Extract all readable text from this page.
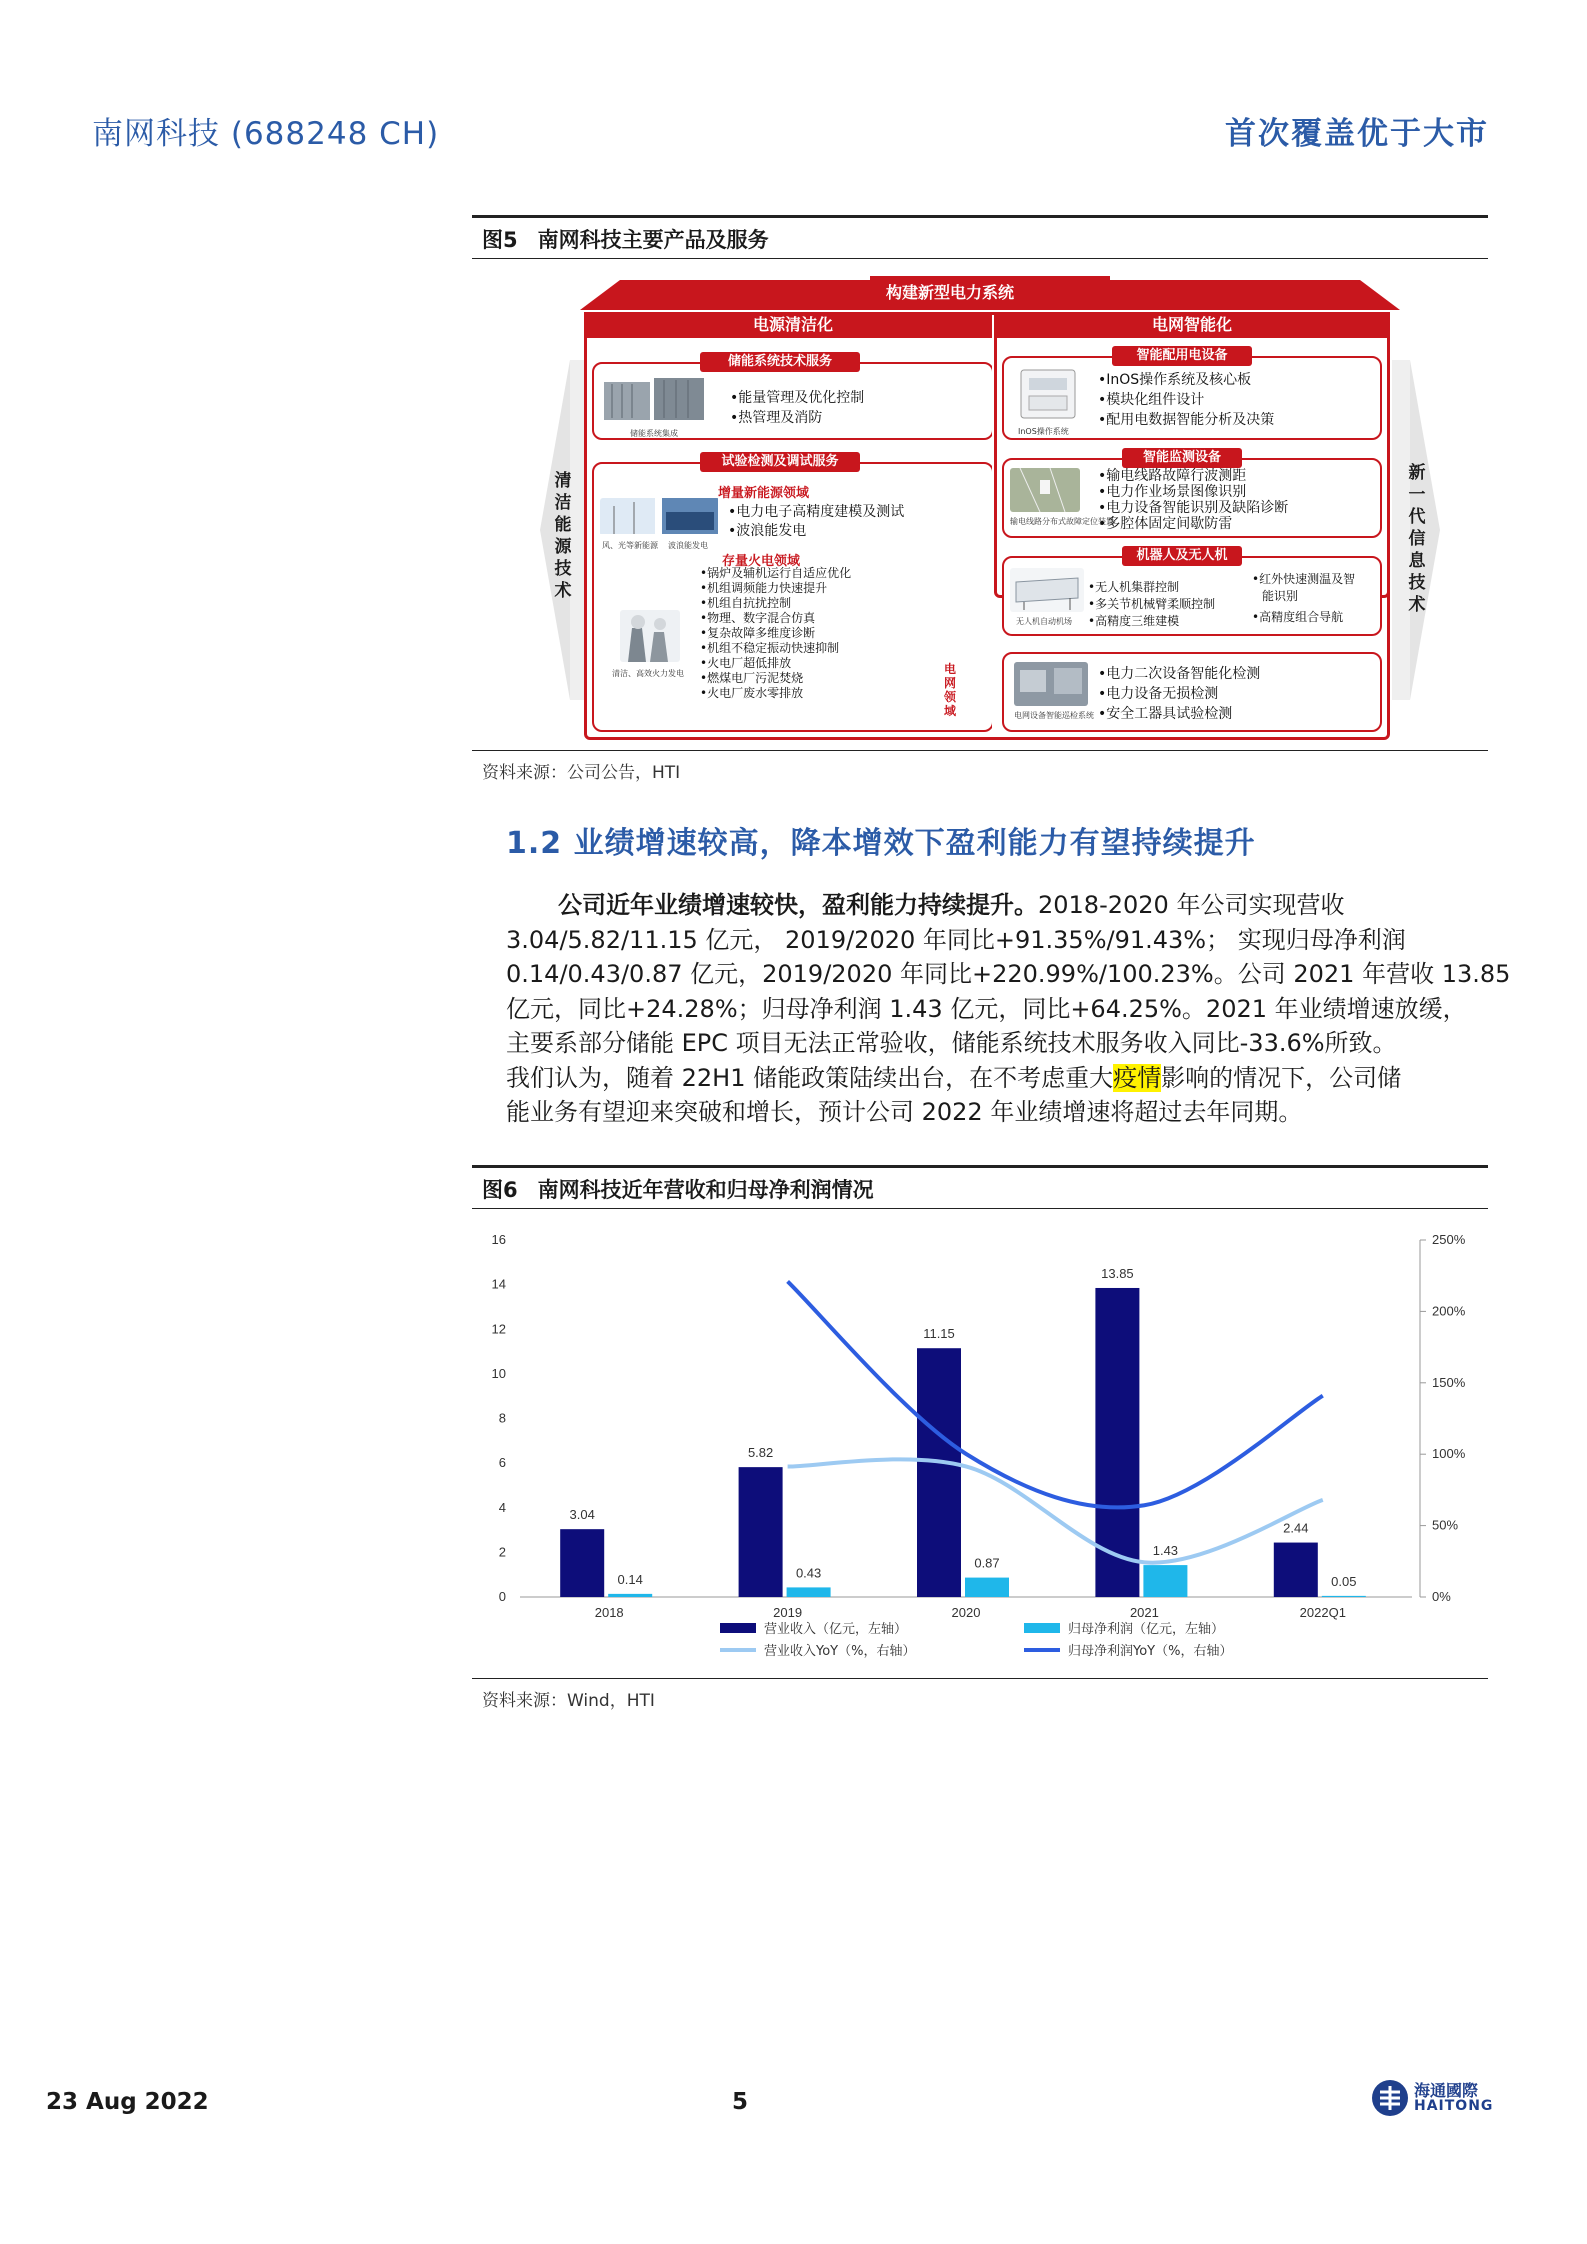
南网科技 (688248 CH)	首次覆盖优于大市
图5 南网科技主要产品及服务
构建新型电力系统
清洁能源技术
新一代信息技术
电源清洁化
储能系统技术服务
储能系统集成
•能量管理及优化控制
•热管理及消防
试验检测及调试服务
增量新能源领域
风、光等新能源 波浪能发电
•电力电子高精度建模及测试
•波浪能发电
存量火电领域
清洁、高效火力发电
•锅炉及辅机运行自适应优化
•机组调频能力快速提升
•机组自抗扰控制
•物理、数字混合仿真
•复杂故障多维度诊断
•机组不稳定振动快速抑制
•火电厂超低排放
•燃煤电厂污泥焚烧
•火电厂废水零排放
电网智能化
智能配用电设备
InOS操作系统
•InOS操作系统及核心板
•模块化组件设计
•配用电数据智能分析及决策
智能监测设备
输电线路分布式故障定位装置
•输电线路故障行波测距
•电力作业场景图像识别
•电力设备智能识别及缺陷诊断
•多腔体固定间歇防雷
机器人及无人机
无人机自动机场
•无人机集群控制
•多关节机械臂柔顺控制
•高精度三维建模
•红外快速测温及智
能识别
•高精度组合导航
电网领域	电网设备智能巡检系统
•电力二次设备智能化检测
•电力设备无损检测
•安全工器具试验检测
资料来源：公司公告，HTI
1.2 业绩增速较高，降本增效下盈利能力有望持续提升
公司近年业绩增速较快，盈利能力持续提升。2018-2020 年公司实现营收
3.04/5.82/11.15 亿元， 2019/2020 年同比+91.35%/91.43%； 实现归母净利润
0.14/0.43/0.87 亿元，2019/2020 年同比+220.99%/100.23%。公司 2021 年营收 13.85
亿元，同比+24.28%；归母净利润 1.43 亿元，同比+64.25%。2021 年业绩增速放缓，
主要系部分储能 EPC 项目无法正常验收，储能系统技术服务收入同比-33.6%所致。
我们认为，随着 22H1 储能政策陆续出台，在不考虑重大疫情影响的情况下，公司储
能业务有望迎来突破和增长，预计公司 2022 年业绩增速将超过去年同期。
图6 南网科技近年营收和归母净利润情况
0
2
4
6
8
10
12
14
16
0%
50%
100%
150%
200%
250%
3.04
5.82
11.15
13.85
2.44
0.14	0.43
0.87
1.43
0.05
2018	2019	2020	2021	2022Q1
营业收入（亿元，左轴）	归母净利润（亿元，左轴）
营业收入YoY（%，右轴）	归母净利润YoY（%，右轴）
资料来源：Wind，HTI
23 Aug 2022	5	海通國際
HAITONG
